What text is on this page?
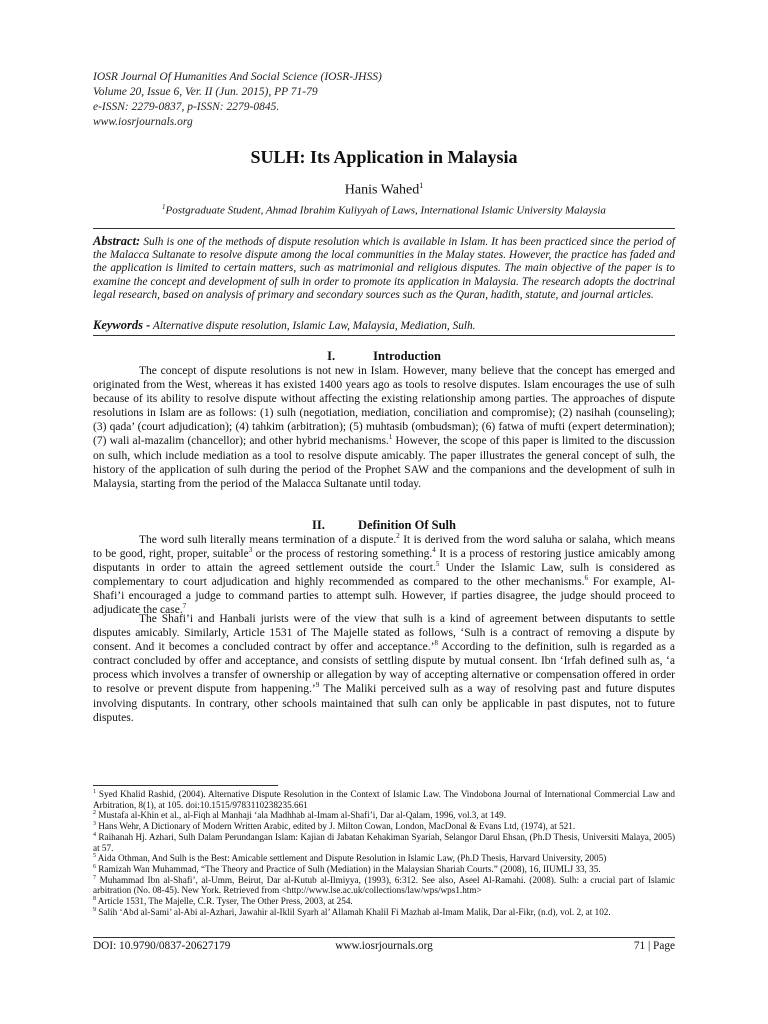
IOSR Journal Of Humanities And Social Science (IOSR-JHSS)
Volume 20, Issue 6, Ver. II (Jun. 2015), PP 71-79
e-ISSN: 2279-0837, p-ISSN: 2279-0845.
www.iosrjournals.org
SULH: Its Application in Malaysia
Hanis Wahed$^1$
$^1$Postgraduate Student, Ahmad Ibrahim Kuliyyah of Laws, International Islamic University Malaysia
Abstract: Sulh is one of the methods of dispute resolution which is available in Islam. It has been practiced since the period of the Malacca Sultanate to resolve dispute among the local communities in the Malay states. However, the practice has faded and the application is limited to certain matters, such as matrimonial and religious disputes. The main objective of the paper is to examine the concept and development of sulh in order to promote its application in Malaysia. The research adopts the doctrinal legal research, based on analysis of primary and secondary sources such as the Quran, hadith, statute, and journal articles.
Keywords - Alternative dispute resolution, Islamic Law, Malaysia, Mediation, Sulh.
I.	Introduction
The concept of dispute resolutions is not new in Islam. However, many believe that the concept has emerged and originated from the West, whereas it has existed 1400 years ago as tools to resolve disputes. Islam encourages the use of sulh because of its ability to resolve dispute without affecting the existing relationship among parties. The approaches of dispute resolutions in Islam are as follows: (1) sulh (negotiation, mediation, conciliation and compromise); (2) nasihah (counseling); (3) qada’ (court adjudication); (4) tahkim (arbitration); (5) muhtasib (ombudsman); (6) fatwa of mufti (expert determination); (7) wali al-mazalim (chancellor); and other hybrid mechanisms.$^1$ However, the scope of this paper is limited to the discussion on sulh, which include mediation as a tool to resolve dispute amicably. The paper illustrates the general concept of sulh, the history of the application of sulh during the period of the Prophet SAW and the companions and the development of sulh in Malaysia, starting from the period of the Malacca Sultanate until today.
II.	Definition Of Sulh
The word sulh literally means termination of a dispute.$^2$ It is derived from the word saluha or salaha, which means to be good, right, proper, suitable$^3$ or the process of restoring something.$^4$ It is a process of restoring justice amicably among disputants in order to attain the agreed settlement outside the court.$^5$ Under the Islamic Law, sulh is considered as complementary to court adjudication and highly recommended as compared to the other mechanisms.$^6$ For example, Al-Shafi’i encouraged a judge to command parties to attempt sulh. However, if parties disagree, the judge should proceed to adjudicate the case.$^7$
The Shafi’i and Hanbali jurists were of the view that sulh is a kind of agreement between disputants to settle disputes amicably. Similarly, Article 1531 of The Majelle stated as follows, ‘Sulh is a contract of removing a dispute by consent. And it becomes a concluded contract by offer and acceptance.’$^8$ According to the definition, sulh is regarded as a contract concluded by offer and acceptance, and consists of settling dispute by mutual consent. Ibn ‘Irfah defined sulh as, ‘a process which involves a transfer of ownership or allegation by way of accepting alternative or compensation offered in order to resolve or prevent dispute from happening.’$^9$ The Maliki perceived sulh as a way of resolving past and future disputes involving disputants. In contrary, other schools maintained that sulh can only be applicable in past disputes, not to future disputes.

$^1$ Syed Khalid Rashid, (2004). Alternative Dispute Resolution in the Context of Islamic Law. The Vindobona Journal of International Commercial Law and Arbitration, 8(1), at 105. doi:10.1515/9783110238235.661

$^2$ Mustafa al-Khin et al., al-Fiqh al Manhaji ‘ala Madhhab al-Imam al-Shafi’i, Dar al-Qalam, 1996, vol.3, at 149.

$^3$ Hans Wehr, A Dictionary of Modern Written Arabic, edited by J. Milton Cowan, London, MacDonal & Evans Ltd, (1974), at 521.

$^4$ Raihanah Hj. Azhari, Sulh Dalam Perundangan Islam: Kajian di Jabatan Kehakiman Syariah, Selangor Darul Ehsan, (Ph.D Thesis, Universiti Malaya, 2005) at 57.

$^5$ Aida Othman, And Sulh is the Best: Amicable settlement and Dispute Resolution in Islamic Law, (Ph.D Thesis, Harvard University, 2005)

$^6$ Ramizah Wan Muhammad, “The Theory and Practice of Sulh (Mediation) in the Malaysian Shariah Courts.” (2008), 16, IIUMLJ 33, 35.

$^7$ Muhammad Ibn al-Shafi’, al-Umm, Beirut, Dar al-Kutub al-Ilmiyya, (1993), 6:312. See also, Aseel Al-Ramahi. (2008). Sulh: a crucial part of Islamic arbitration (No. 08-45). New York. Retrieved from <http://www.lse.ac.uk/collections/law/wps/wps1.htm>

$^8$ Article 1531, The Majelle, C.R. Tyser, The Other Press, 2003, at 254.

$^9$ Salih ‘Abd al-Sami’ al-Abi al-Azhari, Jawahir al-Iklil Syarh al’ Allamah Khalil Fi Mazhab al-Imam Malik, Dar al-Fikr, (n.d), vol. 2, at 102.

DOI: 10.9790/0837-20627179	www.iosrjournals.org	71 | Page
